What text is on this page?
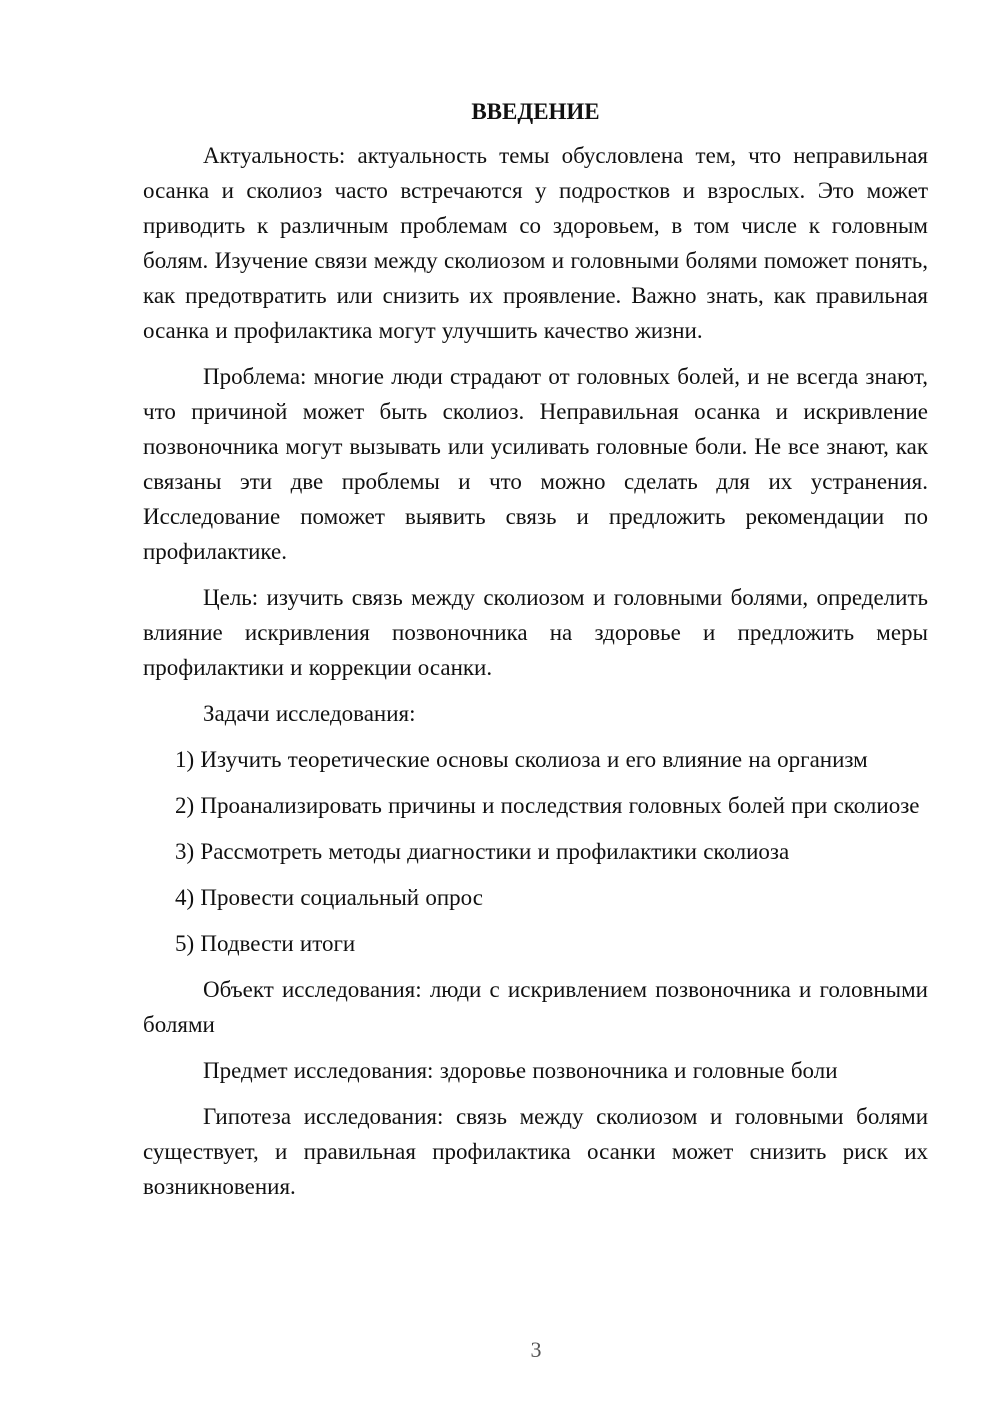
ВВЕДЕНИЕ

Актуальность: актуальность темы обусловлена тем, что неправильная осанка и сколиоз часто встречаются у подростков и взрослых. Это может приводить к различным проблемам со здоровьем, в том числе к головным болям. Изучение связи между сколиозом и головными болями поможет понять, как предотвратить или снизить их проявление. Важно знать, как правильная осанка и профилактика могут улучшить качество жизни.

Проблема: многие люди страдают от головных болей, и не всегда знают, что причиной может быть сколиоз. Неправильная осанка и искривление позвоночника могут вызывать или усиливать головные боли. Не все знают, как связаны эти две проблемы и что можно сделать для их устранения. Исследование поможет выявить связь и предложить рекомендации по профилактике.

Цель: изучить связь между сколиозом и головными болями, определить влияние искривления позвоночника на здоровье и предложить меры профилактики и коррекции осанки.

Задачи исследования:

1) Изучить теоретические основы сколиоза и его влияние на организм

2) Проанализировать причины и последствия головных болей при сколиозе

3) Рассмотреть методы диагностики и профилактики сколиоза

4) Провести социальный опрос

5) Подвести итоги

Объект исследования: люди с искривлением позвоночника и головными болями

Предмет исследования: здоровье позвоночника и головные боли

Гипотеза исследования: связь между сколиозом и головными болями существует, и правильная профилактика осанки может снизить риск их возникновения.

3
